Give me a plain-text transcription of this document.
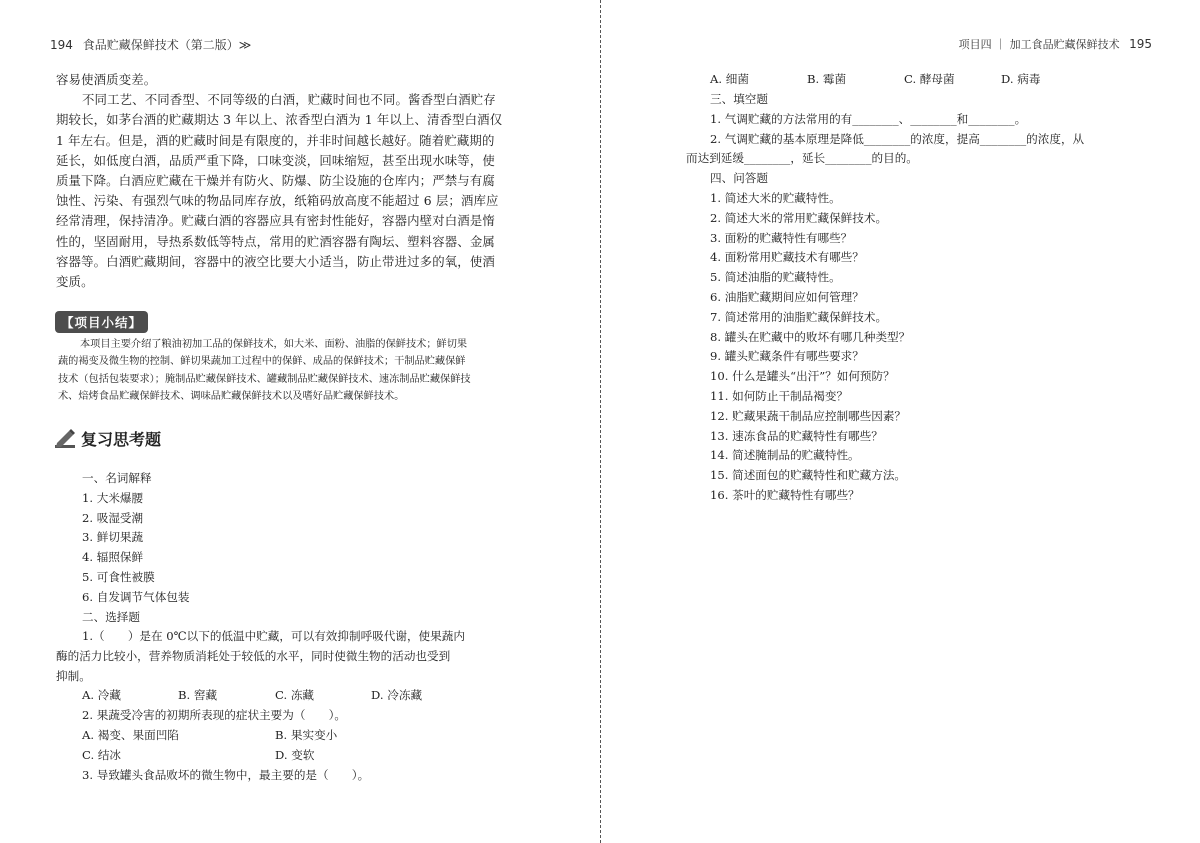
194 食品贮藏保鲜技术（第二版）≫

容易使酒质变差。

不同工艺、不同香型、不同等级的白酒，贮藏时间也不同。酱香型白酒贮存

期较长，如茅台酒的贮藏期达 3 年以上、浓香型白酒为 1 年以上、清香型白酒仅

1 年左右。但是，酒的贮藏时间是有限度的，并非时间越长越好。随着贮藏期的

延长，如低度白酒，品质严重下降，口味变淡，回味缩短，甚至出现水味等，使

质量下降。白酒应贮藏在干燥并有防火、防爆、防尘设施的仓库内；严禁与有腐

蚀性、污染、有强烈气味的物品同库存放，纸箱码放高度不能超过 6 层；酒库应

经常清理，保持清净。贮藏白酒的容器应具有密封性能好，容器内壁对白酒是惰

性的，坚固耐用，导热系数低等特点，常用的贮酒容器有陶坛、塑料容器、金属

容器等。白酒贮藏期间，容器中的液空比要大小适当，防止带进过多的氧，使酒

变质。

【项目小结】
本项目主要介绍了粮油初加工品的保鲜技术，如大米、面粉、油脂的保鲜技术；鲜切果
蔬的褐变及微生物的控制、鲜切果蔬加工过程中的保鲜、成品的保鲜技术；干制品贮藏保鲜
技术（包括包装要求）；腌制品贮藏保鲜技术、罐藏制品贮藏保鲜技术、速冻制品贮藏保鲜技
术、焙烤食品贮藏保鲜技术、调味品贮藏保鲜技术以及嗜好品贮藏保鲜技术。
复习思考题

一、名词解释

1. 大米爆腰

2. 吸湿受潮

3. 鲜切果蔬

4. 辐照保鲜

5. 可食性被膜

6. 自发调节气体包装

二、选择题

1.（　　）是在 0℃以下的低温中贮藏，可以有效抑制呼吸代谢，使果蔬内

酶的活力比较小，营养物质消耗处于较低的水平，同时使微生物的活动也受到

抑制。

A. 冷藏	B. 窖藏	C. 冻藏	D. 冷冻藏

2. 果蔬受冷害的初期所表现的症状主要为（　　）。

A. 褐变、果面凹陷	B. 果实变小
C. 结冰	D. 变软

3. 导致罐头食品败坏的微生物中，最主要的是（　　）。

项目四 ｜ 加工食品贮藏保鲜技术 195
A. 细菌	B. 霉菌	C. 酵母菌	D. 病毒

三、填空题

1. 气调贮藏的方法常用的有________、________和________。

2. 气调贮藏的基本原理是降低________的浓度，提高________的浓度，从

而达到延缓________，延长________的目的。

四、问答题

1. 简述大米的贮藏特性。

2. 简述大米的常用贮藏保鲜技术。

3. 面粉的贮藏特性有哪些？

4. 面粉常用贮藏技术有哪些？

5. 简述油脂的贮藏特性。

6. 油脂贮藏期间应如何管理？

7. 简述常用的油脂贮藏保鲜技术。

8. 罐头在贮藏中的败坏有哪几种类型？

9. 罐头贮藏条件有哪些要求？

10. 什么是罐头“出汗”？如何预防？

11. 如何防止干制品褐变？

12. 贮藏果蔬干制品应控制哪些因素？

13. 速冻食品的贮藏特性有哪些？

14. 简述腌制品的贮藏特性。

15. 简述面包的贮藏特性和贮藏方法。

16. 茶叶的贮藏特性有哪些？
